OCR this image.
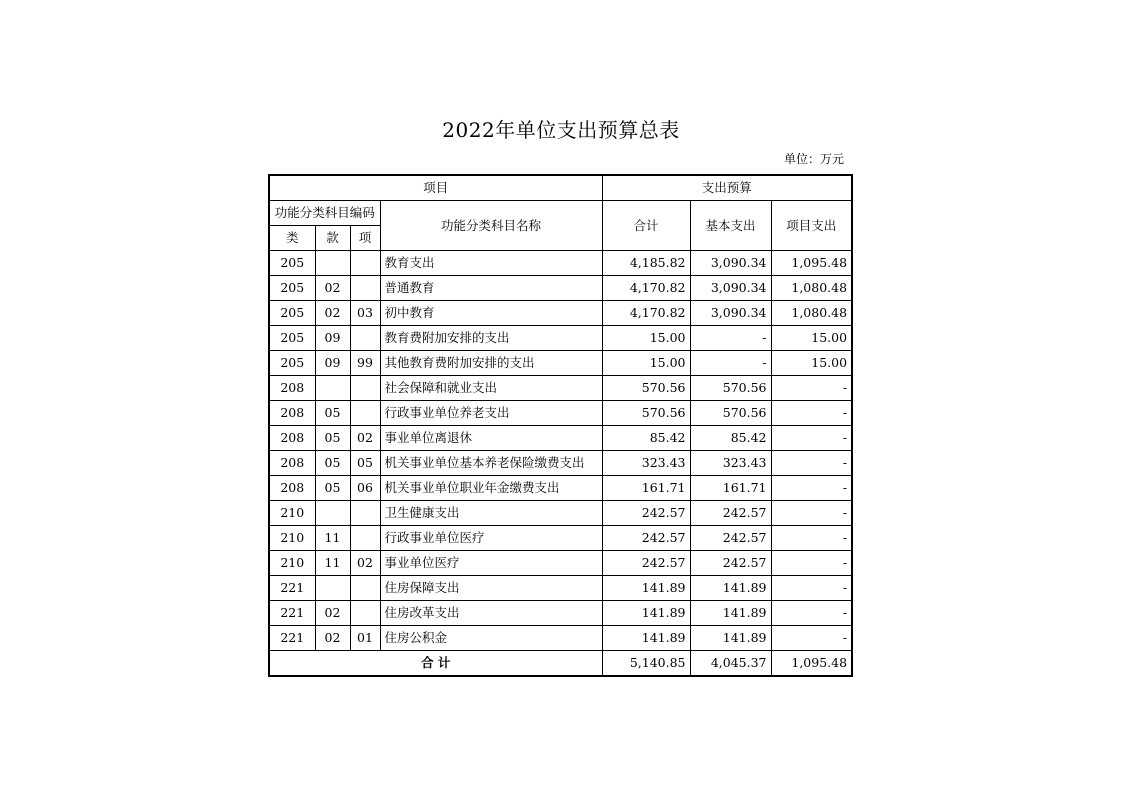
2022年单位支出预算总表
单位：万元
项目				支出预算		
功能分类科目编码			功能分类科目名称	合计	基本支出	项目支出
类	款	项				
205			教育支出	4,185.82	3,090.34	1,095.48
205	02		普通教育	4,170.82	3,090.34	1,080.48
205	02	03	初中教育	4,170.82	3,090.34	1,080.48
205	09		教育费附加安排的支出	15.00	-	15.00
205	09	99	其他教育费附加安排的支出	15.00	-	15.00
208			社会保障和就业支出	570.56	570.56	-
208	05		行政事业单位养老支出	570.56	570.56	-
208	05	02	事业单位离退休	85.42	85.42	-
208	05	05	机关事业单位基本养老保险缴费支出	323.43	323.43	-
208	05	06	机关事业单位职业年金缴费支出	161.71	161.71	-
210			卫生健康支出	242.57	242.57	-
210	11		行政事业单位医疗	242.57	242.57	-
210	11	02	事业单位医疗	242.57	242.57	-
221			住房保障支出	141.89	141.89	-
221	02		住房改革支出	141.89	141.89	-
221	02	01	住房公积金	141.89	141.89	-
合 计				5,140.85	4,045.37	1,095.48
